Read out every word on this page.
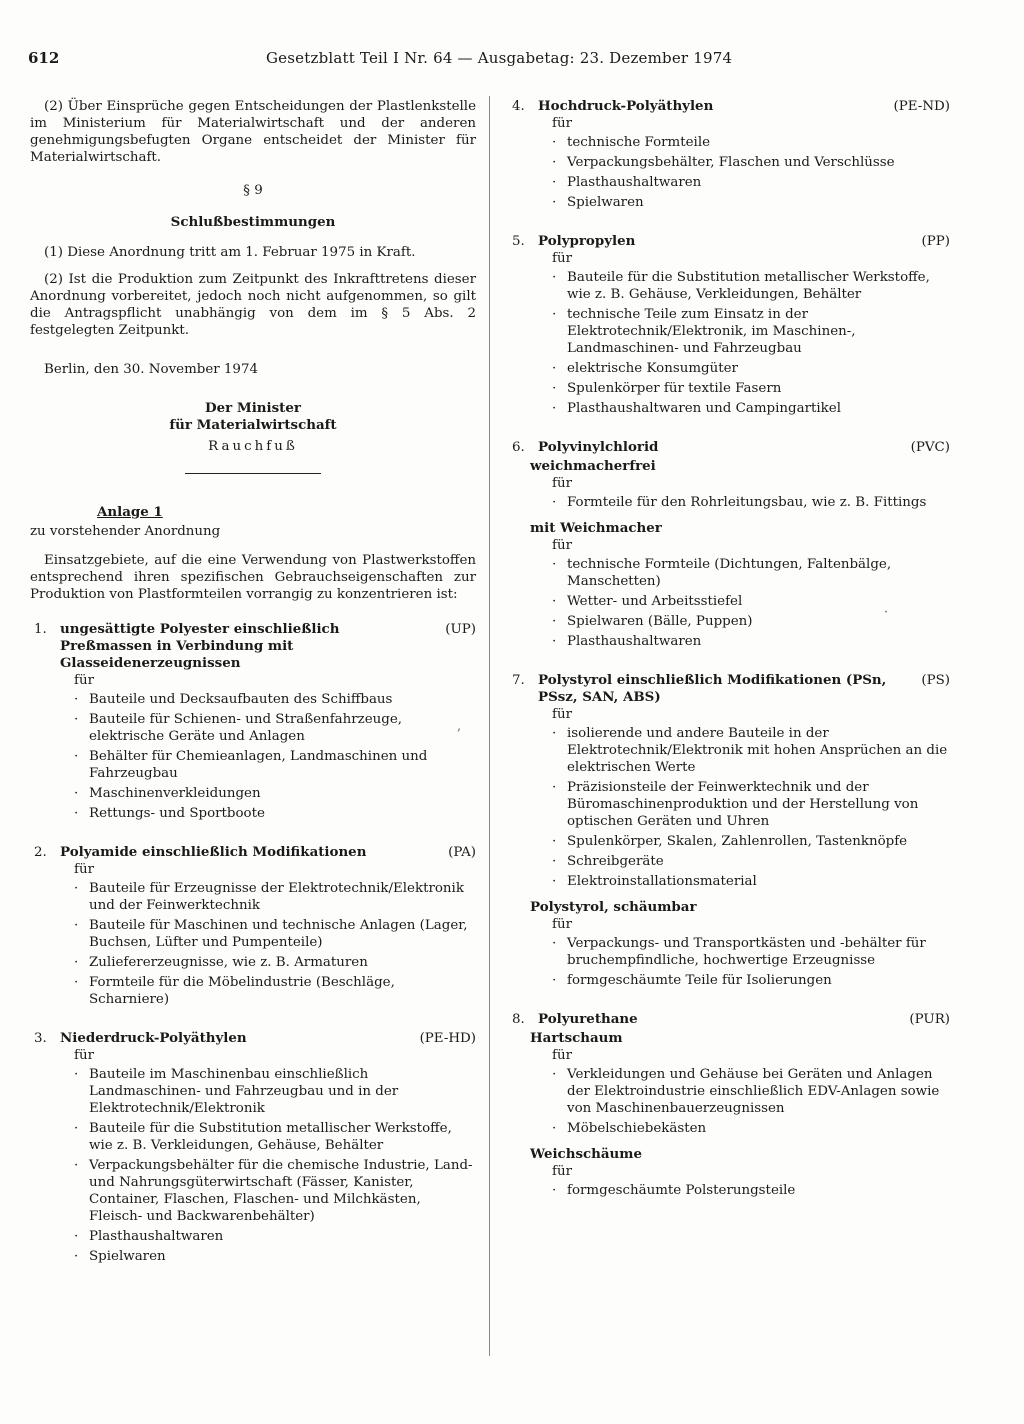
612	Gesetzblatt Teil I Nr. 64 — Ausgabetag: 23. Dezember 1974

(2) Über Einsprüche gegen Entscheidungen der Plastlenkstelle im Ministerium für Materialwirtschaft und der anderen genehmigungsbefugten Organe entscheidet der Minister für Materialwirtschaft.

§ 9

Schlußbestimmungen

(1) Diese Anordnung tritt am 1. Februar 1975 in Kraft.

(2) Ist die Produktion zum Zeitpunkt des Inkrafttretens dieser Anordnung vorbereitet, jedoch noch nicht aufgenommen, so gilt die Antragspflicht unabhängig von dem im § 5 Abs. 2 festgelegten Zeitpunkt.

Berlin, den 30. November 1974

Der Minister

für Materialwirtschaft

Rauchfuß

Anlage 1

zu vorstehender Anordnung

Einsatzgebiete, auf die eine Verwendung von Plastwerkstoffen entsprechend ihren spezifischen Gebrauchseigenschaften zur Produktion von Plastformteilen vorrangig zu konzentrieren ist:

1. ungesättigte Polyester einschließlich Preßmassen in Verbindung mit Glasseidenerzeugnissen
(UP)

für

· Bauteile und Decksaufbauten des Schiffbaus
· Bauteile für Schienen- und Straßenfahrzeuge, elektrische Geräte und Anlagen
· Behälter für Chemieanlagen, Landmaschinen und Fahrzeugbau
· Maschinenverkleidungen
· Rettungs- und Sportboote
2. Polyamide einschließlich Modifikationen	(PA)

für

· Bauteile für Erzeugnisse der Elektrotechnik/Elektronik und der Feinwerktechnik
· Bauteile für Maschinen und technische Anlagen (Lager, Buchsen, Lüfter und Pumpenteile)
· Zuliefererzeugnisse, wie z. B. Armaturen
· Formteile für die Möbelindustrie (Beschläge, Scharniere)
3. Niederdruck-Polyäthylen	(PE-HD)

für

· Bauteile im Maschinenbau einschließlich Landmaschinen- und Fahrzeugbau und in der Elektrotechnik/Elektronik
· Bauteile für die Substitution metallischer Werkstoffe, wie z. B. Verkleidungen, Gehäuse, Behälter
· Verpackungsbehälter für die chemische Industrie, Land- und Nahrungsgüterwirtschaft (Fässer, Kanister, Container, Flaschen, Flaschen- und Milchkästen, Fleisch- und Backwarenbehälter)
· Plasthaushaltwaren
· Spielwaren
4. Hochdruck-Polyäthylen	(PE-ND)

für

· technische Formteile
· Verpackungsbehälter, Flaschen und Verschlüsse
· Plasthaushaltwaren
· Spielwaren
5. Polypropylen	(PP)

für

· Bauteile für die Substitution metallischer Werkstoffe, wie z. B. Gehäuse, Verkleidungen, Behälter
· technische Teile zum Einsatz in der Elektrotechnik/Elektronik, im Maschinen-, Landmaschinen- und Fahrzeugbau
· elektrische Konsumgüter
· Spulenkörper für textile Fasern
· Plasthaushaltwaren und Campingartikel
6. Polyvinylchlorid	(PVC)

weichmacherfrei

für

· Formteile für den Rohrleitungsbau, wie z. B. Fittings

mit Weichmacher

für

· technische Formteile (Dichtungen, Faltenbälge, Manschetten)
· Wetter- und Arbeitsstiefel
· Spielwaren (Bälle, Puppen)
· Plasthaushaltwaren
7. Polystyrol einschließlich Modifikationen (PSn, PSsz, SAN, ABS)
(PS)

für

· isolierende und andere Bauteile in der Elektrotechnik/Elektronik mit hohen Ansprüchen an die elektrischen Werte
· Präzisionsteile der Feinwerktechnik und der Büromaschinenproduktion und der Herstellung von optischen Geräten und Uhren
· Spulenkörper, Skalen, Zahlenrollen, Tastenknöpfe
· Schreibgeräte
· Elektroinstallationsmaterial

Polystyrol, schäumbar

für

· Verpackungs- und Transportkästen und -behälter für bruchempfindliche, hochwertige Erzeugnisse
· formgeschäumte Teile für Isolierungen
8. Polyurethane	(PUR)

Hartschaum

für

· Verkleidungen und Gehäuse bei Geräten und Anlagen der Elektroindustrie einschließlich EDV-Anlagen sowie von Maschinenbauerzeugnissen
· Möbelschiebekästen

Weichschäume

für

· formgeschäumte Polsterungsteile
,
·
